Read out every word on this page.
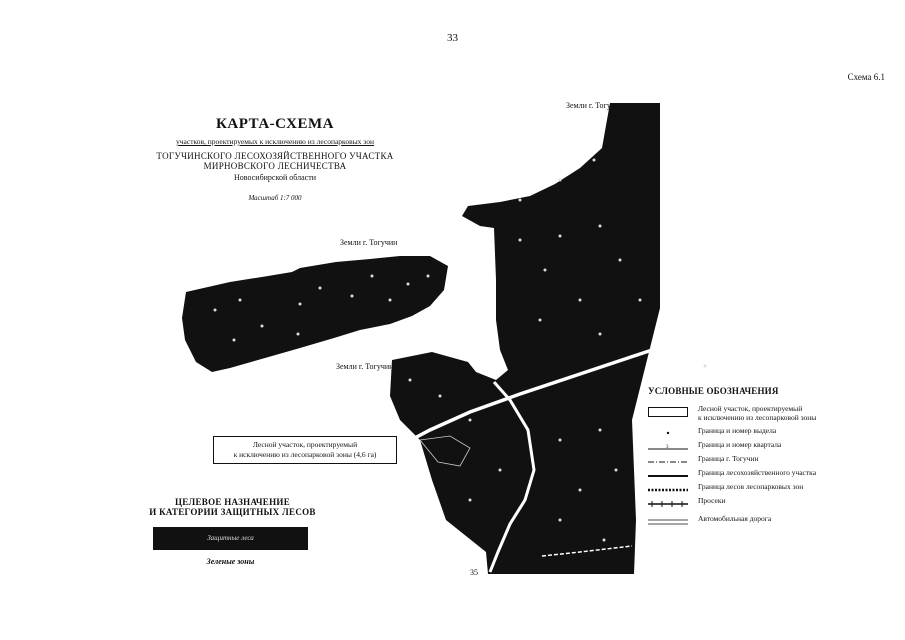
33
Схема 6.1
КАРТА-СХЕМА
участков, проектируемых к исключению из лесопарковых зон
ТОГУЧИНСКОГО ЛЕСОХОЗЯЙСТВЕННОГО УЧАСТКА
МИРНОВСКОГО ЛЕСНИЧЕСТВА
Новосибирской области
Масштаб 1:7 000
Земли г. Тогучин
Земли г. Тогучин
Земли г. Тогучин
Лесной участок, проектируемый
к исключению из лесопарковой зоны (4,6 га)
ЦЕЛЕВОЕ НАЗНАЧЕНИЕ
И КАТЕГОРИИ ЗАЩИТНЫХ ЛЕСОВ
Защитные леса
Зеленые зоны
35
УСЛОВНЫЕ ОБОЗНАЧЕНИЯ
Лесной участок, проектируемый
к исключению из лесопарковой зоны
Граница и номер выдела
3	Граница и номер квартала
Граница г. Тогучин
Граница лесохозяйственного участка
Граница лесов лесопарковых зон
Просеки
Автомобильная дорога
